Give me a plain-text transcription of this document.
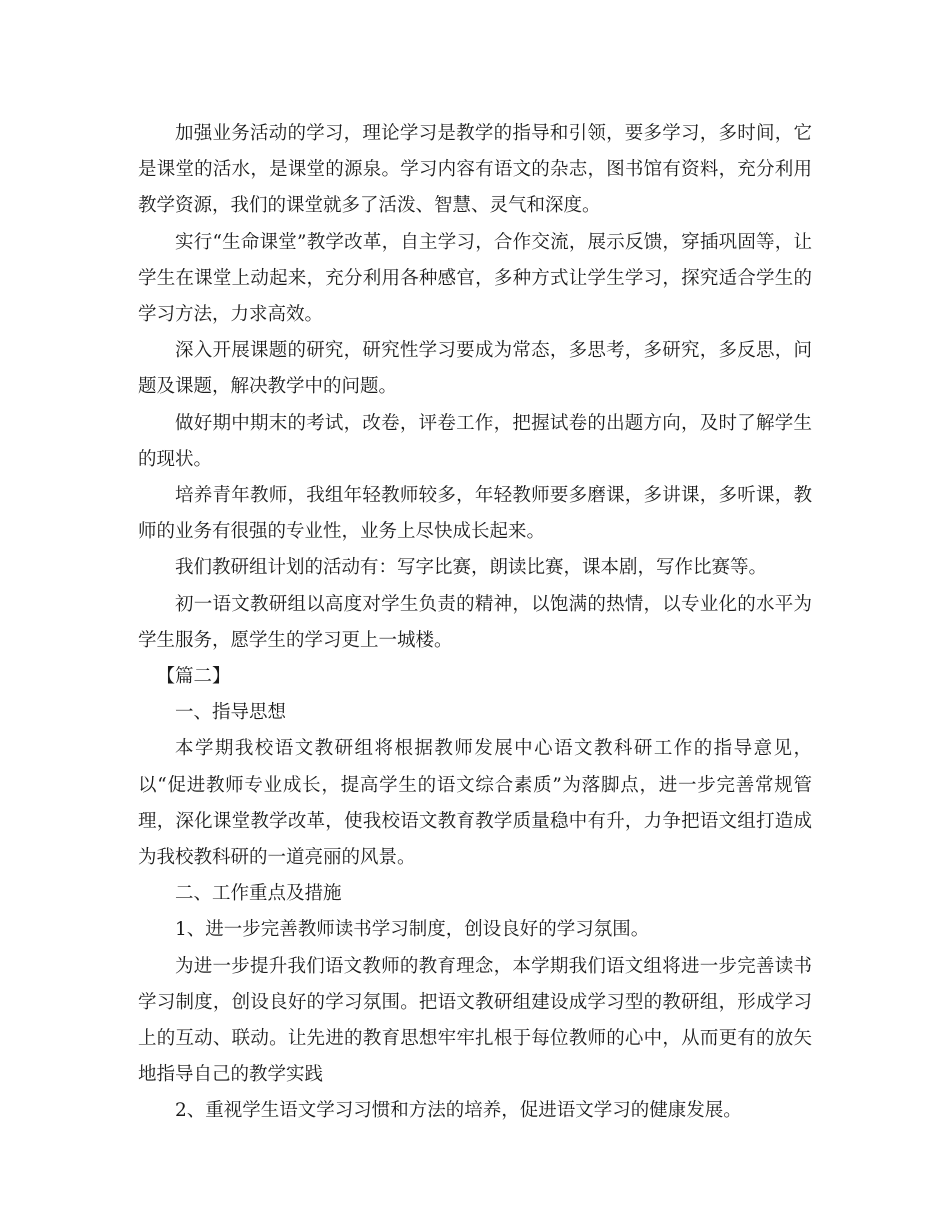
加强业务活动的学习，理论学习是教学的指导和引领，要多学习，多时间，它是课堂的活水，是课堂的源泉。学习内容有语文的杂志，图书馆有资料，充分利用教学资源，我们的课堂就多了活泼、智慧、灵气和深度。

实行“生命课堂”教学改革，自主学习，合作交流，展示反馈，穿插巩固等，让学生在课堂上动起来，充分利用各种感官，多种方式让学生学习，探究适合学生的学习方法，力求高效。

深入开展课题的研究，研究性学习要成为常态，多思考，多研究，多反思，问题及课题，解决教学中的问题。

做好期中期末的考试，改卷，评卷工作，把握试卷的出题方向，及时了解学生的现状。

培养青年教师，我组年轻教师较多，年轻教师要多磨课，多讲课，多听课，教师的业务有很强的专业性，业务上尽快成长起来。

我们教研组计划的活动有：写字比赛，朗读比赛，课本剧，写作比赛等。

初一语文教研组以高度对学生负责的精神，以饱满的热情，以专业化的水平为学生服务，愿学生的学习更上一城楼。

【篇二】

一、指导思想

本学期我校语文教研组将根据教师发展中心语文教科研工作的指导意见，以“促进教师专业成长，提高学生的语文综合素质”为落脚点，进一步完善常规管理，深化课堂教学改革，使我校语文教育教学质量稳中有升，力争把语文组打造成为我校教科研的一道亮丽的风景。

二、工作重点及措施

1、进一步完善教师读书学习制度，创设良好的学习氛围。

为进一步提升我们语文教师的教育理念，本学期我们语文组将进一步完善读书学习制度，创设良好的学习氛围。把语文教研组建设成学习型的教研组，形成学习上的互动、联动。让先进的教育思想牢牢扎根于每位教师的心中，从而更有的放矢地指导自己的教学实践

2、重视学生语文学习习惯和方法的培养，促进语文学习的健康发展。
